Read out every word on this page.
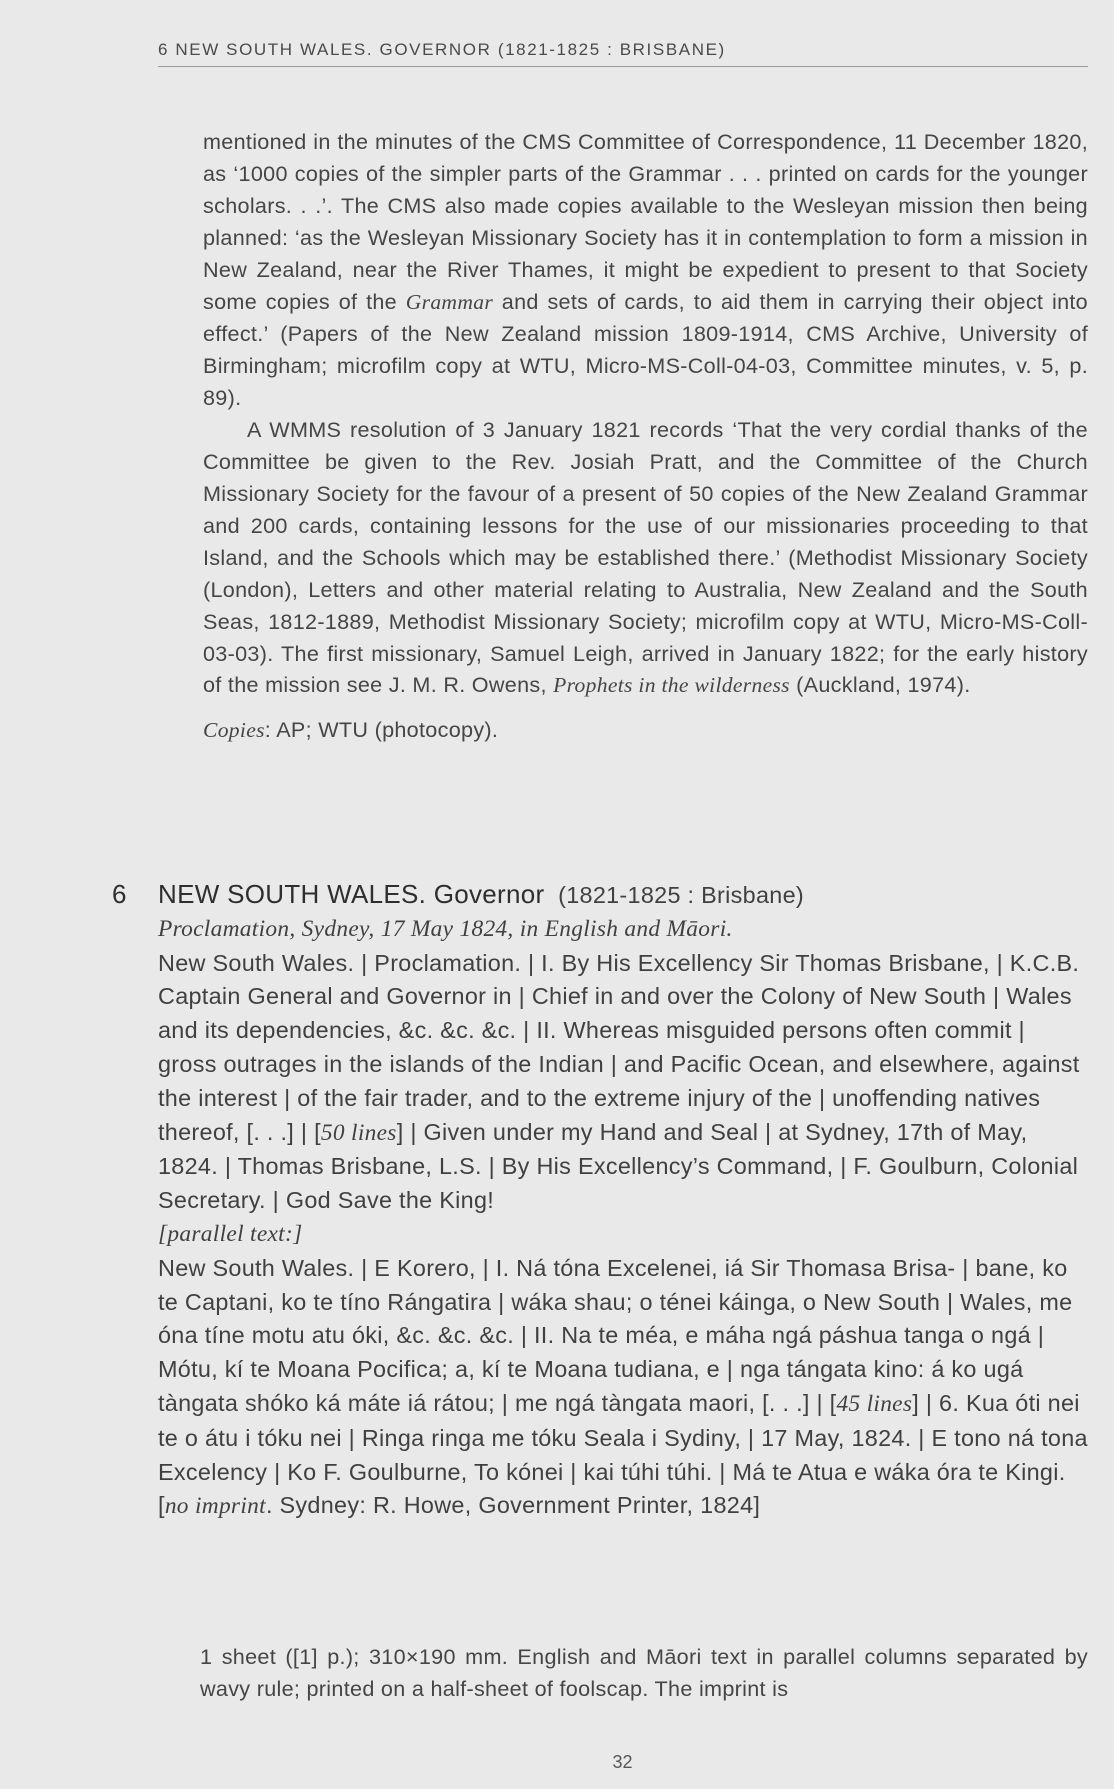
6 NEW SOUTH WALES. GOVERNOR (1821-1825 : BRISBANE)

mentioned in the minutes of the CMS Committee of Correspondence, 11 December 1820, as ‘1000 copies of the simpler parts of the Grammar . . . printed on cards for the younger scholars. . .’. The CMS also made copies available to the Wesleyan mission then being planned: ‘as the Wesleyan Missionary Society has it in contemplation to form a mission in New Zealand, near the River Thames, it might be expedient to present to that Society some copies of the Grammar and sets of cards, to aid them in carrying their object into effect.’ (Papers of the New Zealand mission 1809-1914, CMS Archive, University of Birmingham; microfilm copy at WTU, Micro-MS-Coll-04-03, Committee minutes, v. 5, p. 89).

A WMMS resolution of 3 January 1821 records ‘That the very cordial thanks of the Committee be given to the Rev. Josiah Pratt, and the Committee of the Church Missionary Society for the favour of a present of 50 copies of the New Zealand Grammar and 200 cards, containing lessons for the use of our missionaries proceeding to that Island, and the Schools which may be established there.’ (Methodist Missionary Society (London), Letters and other material relating to Australia, New Zealand and the South Seas, 1812-1889, Methodist Missionary Society; microfilm copy at WTU, Micro-MS-Coll-03-03). The first missionary, Samuel Leigh, arrived in January 1822; for the early history of the mission see J. M. R. Owens, Prophets in the wilderness (Auckland, 1974).

Copies: AP; WTU (photocopy).

6 NEW SOUTH WALES. Governor (1821-1825 : Brisbane)

Proclamation, Sydney, 17 May 1824, in English and Māori.

New South Wales. | Proclamation. | I. By His Excellency Sir Thomas Brisbane, | K.C.B. Captain General and Governor in | Chief in and over the Colony of New South | Wales and its dependencies, &c. &c. &c. | II. Whereas misguided persons often commit | gross outrages in the islands of the Indian | and Pacific Ocean, and elsewhere, against the interest | of the fair trader, and to the extreme injury of the | unoffending natives thereof, [. . .] | [50 lines] | Given under my Hand and Seal | at Sydney, 17th of May, 1824. | Thomas Brisbane, L.S. | By His Excellency’s Command, | F. Goulburn, Colonial Secretary. | God Save the King!

[parallel text:]

New South Wales. | E Korero, | I. Ná tóna Excelenei, iá Sir Thomasa Brisa- | bane, ko te Captani, ko te tíno Rángatira | wáka shau; o ténei káinga, o New South | Wales, me óna tíne motu atu óki, &c. &c. &c. | II. Na te méa, e máha ngá páshua tanga o ngá | Mótu, kí te Moana Pocifica; a, kí te Moana tudiana, e | nga tángata kino: á ko ugá tàngata shóko ká máte iá rátou; | me ngá tàngata maori, [. . .] | [45 lines] | 6. Kua óti nei te o átu i tóku nei | Ringa ringa me tóku Seala i Sydiny, | 17 May, 1824. | E tono ná tona Excelency | Ko F. Goulburne, To kónei | kai túhi túhi. | Má te Atua e wáka óra te Kingi. [no imprint. Sydney: R. Howe, Government Printer, 1824]

1 sheet ([1] p.); 310×190 mm. English and Māori text in parallel columns separated by wavy rule; printed on a half-sheet of foolscap. The imprint is

32
